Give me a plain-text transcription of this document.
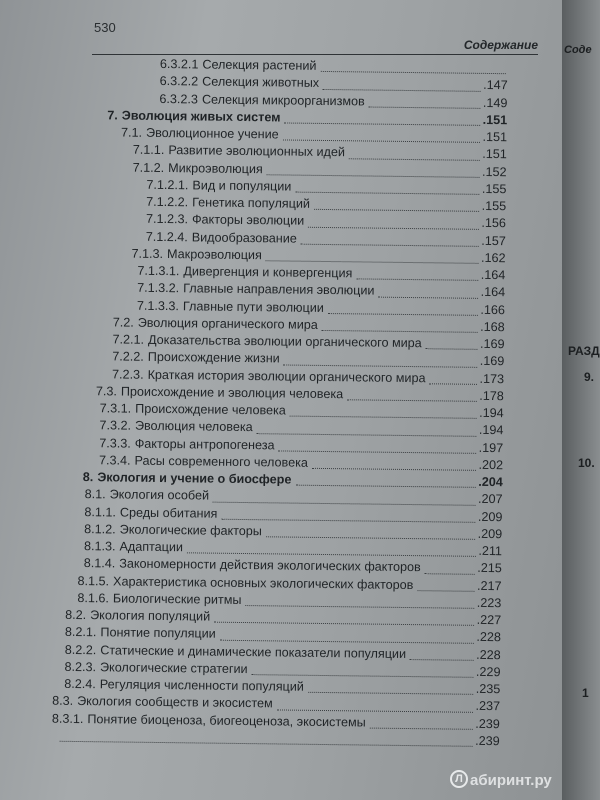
530
Содержание
6.3.2.1 Селекция растений
6.3.2.2 Селекция животных	.147
6.3.2.3 Селекция микроорганизмов	.149
7. Эволюция живых систем	.151
7.1. Эволюционное учение	.151
7.1.1. Развитие эволюционных идей	.151
7.1.2. Микроэволюция	.152
7.1.2.1. Вид и популяции	.155
7.1.2.2. Генетика популяций	.155
7.1.2.3. Факторы эволюции	.156
7.1.2.4. Видообразование	.157
7.1.3. Макроэволюция	.162
7.1.3.1. Дивергенция и конвергенция	.164
7.1.3.2. Главные направления эволюции	.164
7.1.3.3. Главные пути эволюции	.166
7.2. Эволюция органического мира	.168
7.2.1. Доказательства эволюции органического мира	.169
7.2.2. Происхождение жизни	.169
7.2.3. Краткая история эволюции органического мира	.173
7.3. Происхождение и эволюция человека	.178
7.3.1. Происхождение человека	.194
7.3.2. Эволюция человека	.194
7.3.3. Факторы антропогенеза	.197
7.3.4. Расы современного человека	.202
8. Экология и учение о биосфере	.204
8.1. Экология особей	.207
8.1.1. Среды обитания	.209
8.1.2. Экологические факторы	.209
8.1.3. Адаптации	.211
8.1.4. Закономерности действия экологических факторов	.215
8.1.5. Характеристика основных экологических факторов	.217
8.1.6. Биологические ритмы	.223
8.2. Экология популяций	.227
8.2.1. Понятие популяции	.228
8.2.2. Статические и динамические показатели популяции	.228
8.2.3. Экологические стратегии	.229
8.2.4. Регуляция численности популяций	.235
8.3. Экология сообществ и экосистем	.237
8.3.1. Понятие биоценоза, биогеоценоза, экосистемы	.239
.239
Соде
РАЗД
9.
10.
1
Л абиринт.ру
